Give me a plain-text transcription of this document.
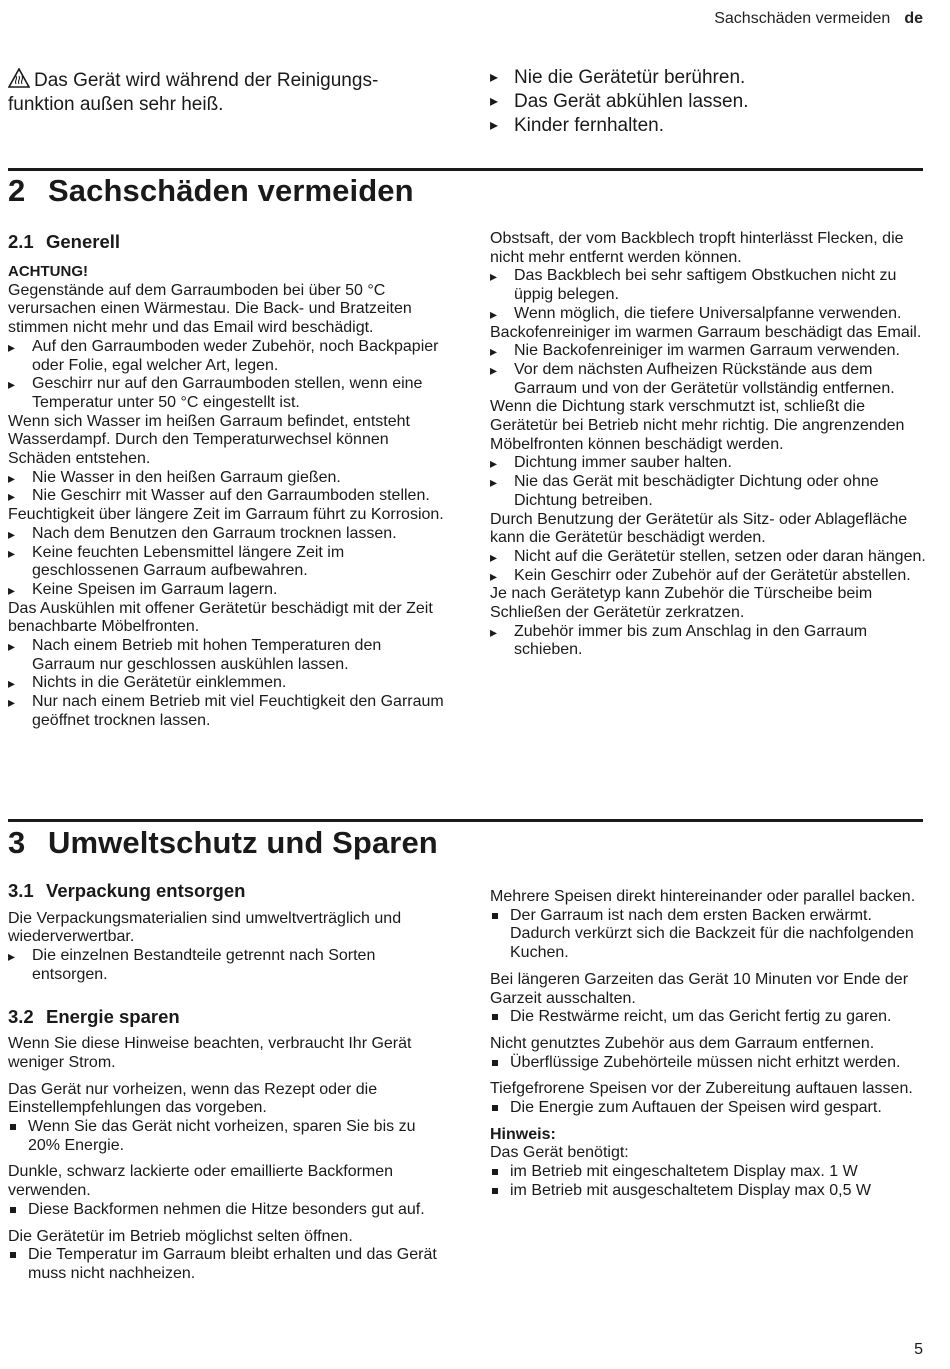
Sachschäden vermeiden de
Das Gerät wird während der Reinigungs-
funktion außen sehr heiß.
▸ Nie die Gerätetür berühren.
▸ Das Gerät abkühlen lassen.
▸ Kinder fernhalten.
2 Sachschäden vermeiden
2.1 Generell

ACHTUNG!

Gegenstände auf dem Garraumboden bei über 50 °C verursachen einen Wärmestau. Die Back- und Bratzeiten stimmen nicht mehr und das Email wird beschädigt.
▸ Auf den Garraumboden weder Zubehör, noch Backpapier oder Folie, egal welcher Art, legen.
▸ Geschirr nur auf den Garraumboden stellen, wenn eine Temperatur unter 50 °C eingestellt ist.
Wenn sich Wasser im heißen Garraum befindet, entsteht Wasserdampf. Durch den Temperaturwechsel können Schäden entstehen.
▸ Nie Wasser in den heißen Garraum gießen.
▸ Nie Geschirr mit Wasser auf den Garraumboden stellen.
Feuchtigkeit über längere Zeit im Garraum führt zu Korrosion.
▸ Nach dem Benutzen den Garraum trocknen lassen.
▸ Keine feuchten Lebensmittel längere Zeit im geschlossenen Garraum aufbewahren.
▸ Keine Speisen im Garraum lagern.
Das Auskühlen mit offener Gerätetür beschädigt mit der Zeit benachbarte Möbelfronten.
▸ Nach einem Betrieb mit hohen Temperaturen den Garraum nur geschlossen auskühlen lassen.
▸ Nichts in die Gerätetür einklemmen.
▸ Nur nach einem Betrieb mit viel Feuchtigkeit den Garraum geöffnet trocknen lassen.
Obstsaft, der vom Backblech tropft hinterlässt Flecken, die nicht mehr entfernt werden können.
▸ Das Backblech bei sehr saftigem Obstkuchen nicht zu üppig belegen.
▸ Wenn möglich, die tiefere Universalpfanne verwenden.
Backofenreiniger im warmen Garraum beschädigt das Email.
▸ Nie Backofenreiniger im warmen Garraum verwenden.
▸ Vor dem nächsten Aufheizen Rückstände aus dem Garraum und von der Gerätetür vollständig entfernen.
Wenn die Dichtung stark verschmutzt ist, schließt die Gerätetür bei Betrieb nicht mehr richtig. Die angrenzenden Möbelfronten können beschädigt werden.
▸ Dichtung immer sauber halten.
▸ Nie das Gerät mit beschädigter Dichtung oder ohne Dichtung betreiben.
Durch Benutzung der Gerätetür als Sitz- oder Ablagefläche kann die Gerätetür beschädigt werden.
▸ Nicht auf die Gerätetür stellen, setzen oder daran hängen.
▸ Kein Geschirr oder Zubehör auf der Gerätetür abstellen.
Je nach Gerätetyp kann Zubehör die Türscheibe beim Schließen der Gerätetür zerkratzen.
▸ Zubehör immer bis zum Anschlag in den Garraum schieben.
3 Umweltschutz und Sparen
3.1 Verpackung entsorgen
Die Verpackungsmaterialien sind umweltverträglich und wiederverwertbar.
▸ Die einzelnen Bestandteile getrennt nach Sorten entsorgen.
3.2 Energie sparen
Wenn Sie diese Hinweise beachten, verbraucht Ihr Gerät weniger Strom.
Das Gerät nur vorheizen, wenn das Rezept oder die Einstellempfehlungen das vorgeben.
Wenn Sie das Gerät nicht vorheizen, sparen Sie bis zu 20% Energie.
Dunkle, schwarz lackierte oder emaillierte Backformen verwenden.
Diese Backformen nehmen die Hitze besonders gut auf.
Die Gerätetür im Betrieb möglichst selten öffnen.
Die Temperatur im Garraum bleibt erhalten und das Gerät muss nicht nachheizen.
Mehrere Speisen direkt hintereinander oder parallel backen.
Der Garraum ist nach dem ersten Backen erwärmt. Dadurch verkürzt sich die Backzeit für die nachfolgenden Kuchen.
Bei längeren Garzeiten das Gerät 10 Minuten vor Ende der Garzeit ausschalten.
Die Restwärme reicht, um das Gericht fertig zu garen.
Nicht genutztes Zubehör aus dem Garraum entfernen.
Überflüssige Zubehörteile müssen nicht erhitzt werden.
Tiefgefrorene Speisen vor der Zubereitung auftauen lassen.
Die Energie zum Auftauen der Speisen wird gespart.
Hinweis:
Das Gerät benötigt:
im Betrieb mit eingeschaltetem Display max. 1 W
im Betrieb mit ausgeschaltetem Display max 0,5 W
5
